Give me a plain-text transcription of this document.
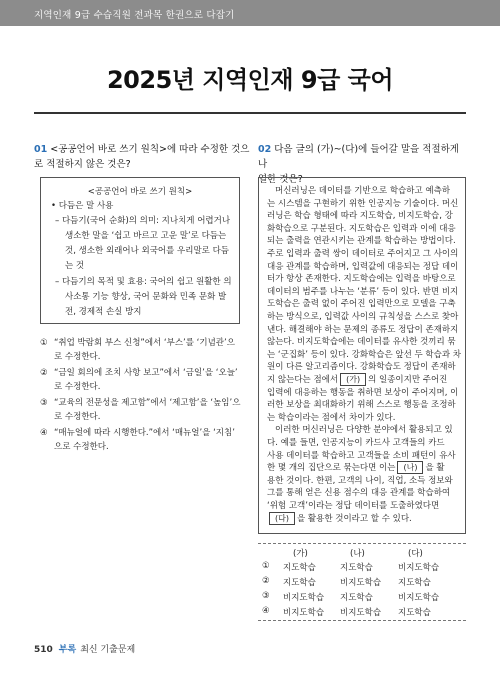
지역인재 9급 수습직원 전과목 한권으로 다잡기
2025년 지역인재 9급 국어
01 <공공언어 바로 쓰기 원칙>에 따라 수정한 것으
로 적절하지 않은 것은?
<공공언어 바로 쓰기 원칙>
• 다듬은 말 사용
– 다듬기(국어 순화)의 의미: 지나치게 어렵거나
생소한 말을 ‘쉽고 바르고 고운 말’로 다듬는
것, 생소한 외래어나 외국어를 우리말로 다듬
는 것
– 다듬기의 목적 및 효용: 국어의 쉽고 원활한 의
사소통 기능 향상, 국어 문화와 민족 문화 발
전, 경제적 손실 방지
① “취업 박람회 부스 신청”에서 ‘부스’를 ‘기념관’으
로 수정한다.
② “금일 회의에 조치 사항 보고”에서 ‘금일’을 ‘오늘’
로 수정한다.
③ “교육의 전문성을 제고함”에서 ‘제고함’을 ‘높임’으
로 수정한다.
④ “매뉴얼에 따라 시행한다.”에서 ‘매뉴얼’을 ‘지침’
으로 수정한다.
02 다음 글의 (가)~(다)에 들어갈 말을 적절하게 나
열한 것은?
머신러닝은 데이터를 기반으로 학습하고 예측하
는 시스템을 구현하기 위한 인공지능 기술이다. 머신
러닝은 학습 형태에 따라 지도학습, 비지도학습, 강
화학습으로 구분된다. 지도학습은 입력과 이에 대응
되는 출력을 연관시키는 관계를 학습하는 방법이다.
주로 입력과 출력 쌍이 데이터로 주어지고 그 사이의
대응 관계를 학습하며, 입력값에 대응되는 정답 데이
터가 항상 존재한다. 지도학습에는 입력을 바탕으로
데이터의 범주를 나누는 ‘분류’ 등이 있다. 반면 비지
도학습은 출력 없이 주어진 입력만으로 모델을 구축
하는 방식으로, 입력값 사이의 규칙성을 스스로 찾아
낸다. 해결해야 하는 문제의 종류도 정답이 존재하지
않는다. 비지도학습에는 데이터를 유사한 것끼리 묶
는 ‘군집화’ 등이 있다. 강화학습은 앞선 두 학습과 차
원이 다른 알고리즘이다. 강화학습도 정답이 존재하
지 않는다는 점에서 (가) 의 일종이지만 주어진
입력에 대응하는 행동을 취하면 보상이 주어지며, 이
러한 보상을 최대화하기 위해 스스로 행동을 조정하
는 학습이라는 점에서 차이가 있다.
이러한 머신러닝은 다양한 분야에서 활용되고 있
다. 예를 들면, 인공지능이 카드사 고객들의 카드
사용 데이터를 학습하고 고객들을 소비 패턴이 유사
한 몇 개의 집단으로 묶는다면 이는 (나) 을 활
용한 것이다. 한편, 고객의 나이, 직업, 소득 정보와
그를 통해 얻은 신용 점수의 대응 관계를 학습하여
‘위험 고객’이라는 정답 데이터를 도출하였다면
(다) 을 활용한 것이라고 할 수 있다.
(가)	(나)	(다)
① 지도학습	지도학습	비지도학습
② 지도학습	비지도학습 지도학습
③ 비지도학습 지도학습	비지도학습
④ 비지도학습 비지도학습 지도학습
510 부록 최신 기출문제
